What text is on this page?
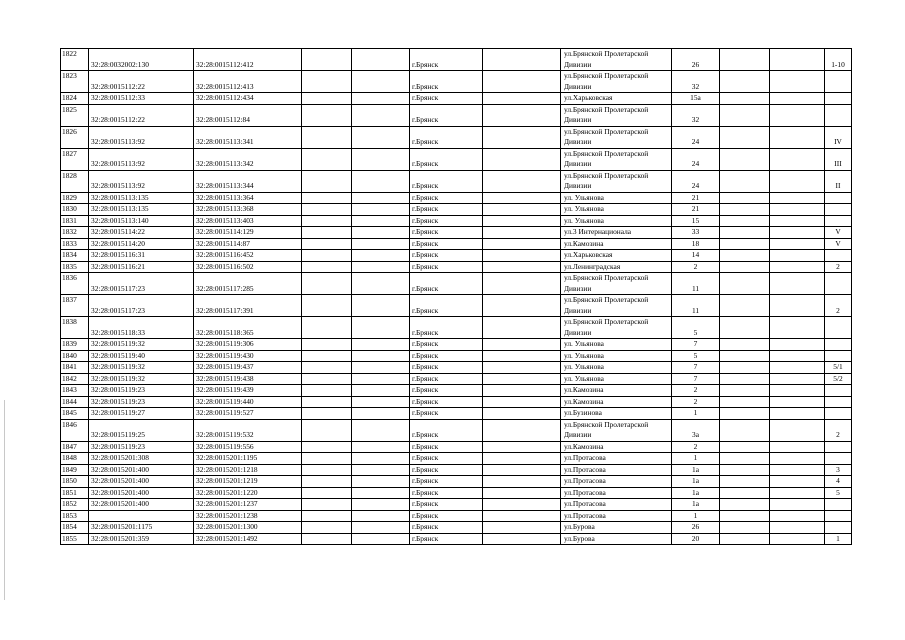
1822	32:28:0032002:130	32:28:0015112:412			г.Брянск		ул.Брянской Пролетарской Дивизии	26			1-10
1823	32:28:0015112:22	32:28:0015112:413			г.Брянск		ул.Брянской Пролетарской Дивизии	32			
1824	32:28:0015112:33	32:28:0015112:434			г.Брянск		ул.Харьковская	15а			
1825	32:28:0015112:22	32:28:0015112:84			г.Брянск		ул.Брянской Пролетарской Дивизии	32			
1826	32:28:0015113:92	32:28:0015113:341			г.Брянск		ул.Брянской Пролетарской Дивизии	24			IV
1827	32:28:0015113:92	32:28:0015113:342			г.Брянск		ул.Брянской Пролетарской Дивизии	24			III
1828	32:28:0015113:92	32:28:0015113:344			г.Брянск		ул.Брянской Пролетарской Дивизии	24			II
1829	32:28:0015113:135	32:28:0015113:364			г.Брянск		ул. Ульянова	21			
1830	32:28:0015113:135	32:28:0015113:368			г.Брянск		ул. Ульянова	21			
1831	32:28:0015113:140	32:28:0015113:403			г.Брянск		ул. Ульянова	15			
1832	32:28:0015114:22	32:28:0015114:129			г.Брянск		ул.3 Интернационала	33			V
1833	32:28:0015114:20	32:28:0015114:87			г.Брянск		ул.Камозина	18			V
1834	32:28:0015116:31	32:28:0015116:452			г.Брянск		ул.Харьковская	14			
1835	32:28:0015116:21	32:28:0015116:502			г.Брянск		ул.Ленинградская	2			2
1836	32:28:0015117:23	32:28:0015117:285			г.Брянск		ул.Брянской Пролетарской Дивизии	11			
1837	32:28:0015117:23	32:28:0015117:391			г.Брянск		ул.Брянской Пролетарской Дивизии	11			2
1838	32:28:0015118:33	32:28:0015118:365			г.Брянск		ул.Брянской Пролетарской Дивизии	5			
1839	32:28:0015119:32	32:28:0015119:306			г.Брянск		ул. Ульянова	7			
1840	32:28:0015119:40	32:28:0015119:430			г.Брянск		ул. Ульянова	5			
1841	32:28:0015119:32	32:28:0015119:437			г.Брянск		ул. Ульянова	7			5/1
1842	32:28:0015119:32	32:28:0015119:438			г.Брянск		ул. Ульянова	7			5/2
1843	32:28:0015119:23	32:28:0015119:439			г.Брянск		ул.Камозина	2			
1844	32:28:0015119:23	32:28:0015119:440			г.Брянск		ул.Камозина	2			
1845	32:28:0015119:27	32:28:0015119:527			г.Брянск		ул.Бузинова	1			
1846	32:28:0015119:25	32:28:0015119:532			г.Брянск		ул.Брянской Пролетарской Дивизии	3а			2
1847	32:28:0015119:23	32:28:0015119:556			г.Брянск		ул.Камозина	2			
1848	32:28:0015201:308	32:28:0015201:1195			г.Брянск		ул.Протасова	1			
1849	32:28:0015201:400	32:28:0015201:1218			г.Брянск		ул.Протасова	1а			3
1850	32:28:0015201:400	32:28:0015201:1219			г.Брянск		ул.Протасова	1а			4
1851	32:28:0015201:400	32:28:0015201:1220			г.Брянск		ул.Протасова	1а			5
1852	32:28:0015201:400	32:28:0015201:1237			г.Брянск		ул.Протасова	1а			
1853		32:28:0015201:1238			г.Брянск		ул.Протасова	1			
1854	32:28:0015201:1175	32:28:0015201:1300			г.Брянск		ул.Бурова	26			
1855	32:28:0015201:359	32:28:0015201:1492			г.Брянск		ул.Бурова	20			1
